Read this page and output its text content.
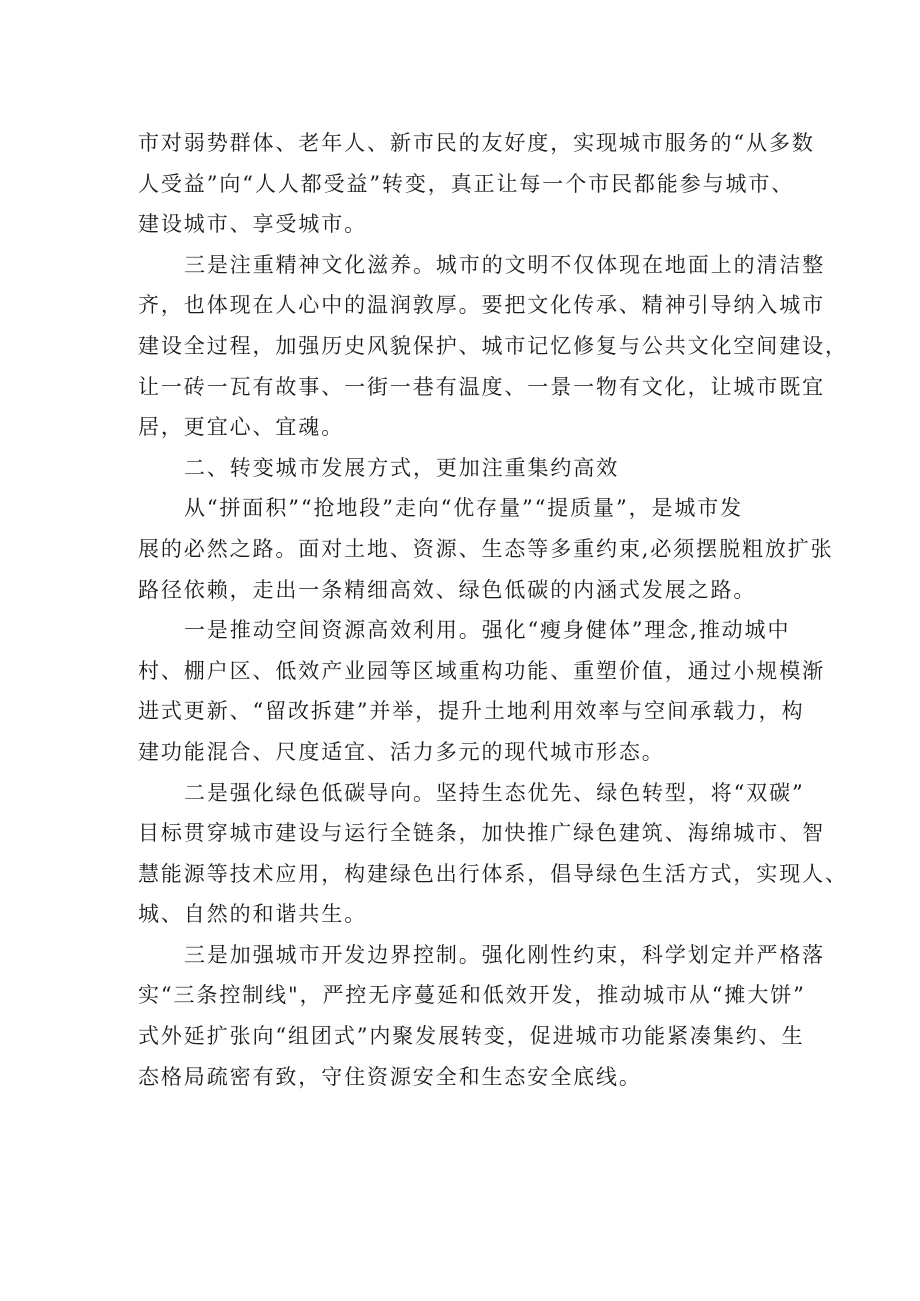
市对弱势群体、老年人、新市民的友好度，实现城市服务的“从多数
人受益”向“人人都受益”转变，真正让每一个市民都能参与城市、
建设城市、享受城市。
三是注重精神文化滋养。城市的文明不仅体现在地面上的清洁整
齐，也体现在人心中的温润敦厚。要把文化传承、精神引导纳入城市
建设全过程，加强历史风貌保护、城市记忆修复与公共文化空间建设，
让一砖一瓦有故事、一街一巷有温度、一景一物有文化，让城市既宜
居，更宜心、宜魂。
二、转变城市发展方式，更加注重集约高效
从“拼面积”“抢地段”走向“优存量”“提质量”，是城市发
展的必然之路。面对土地、资源、生态等多重约束,必须摆脱粗放扩张
路径依赖，走出一条精细高效、绿色低碳的内涵式发展之路。
一是推动空间资源高效利用。强化“瘦身健体”理念,推动城中
村、棚户区、低效产业园等区域重构功能、重塑价值，通过小规模渐
进式更新、“留改拆建”并举，提升土地利用效率与空间承载力，构
建功能混合、尺度适宜、活力多元的现代城市形态。
二是强化绿色低碳导向。坚持生态优先、绿色转型，将“双碳”
目标贯穿城市建设与运行全链条，加快推广绿色建筑、海绵城市、智
慧能源等技术应用，构建绿色出行体系，倡导绿色生活方式，实现人、
城、自然的和谐共生。
三是加强城市开发边界控制。强化刚性约束，科学划定并严格落
实“三条控制线"，严控无序蔓延和低效开发，推动城市从“摊大饼”
式外延扩张向“组团式”内聚发展转变，促进城市功能紧凑集约、生
态格局疏密有致，守住资源安全和生态安全底线。
